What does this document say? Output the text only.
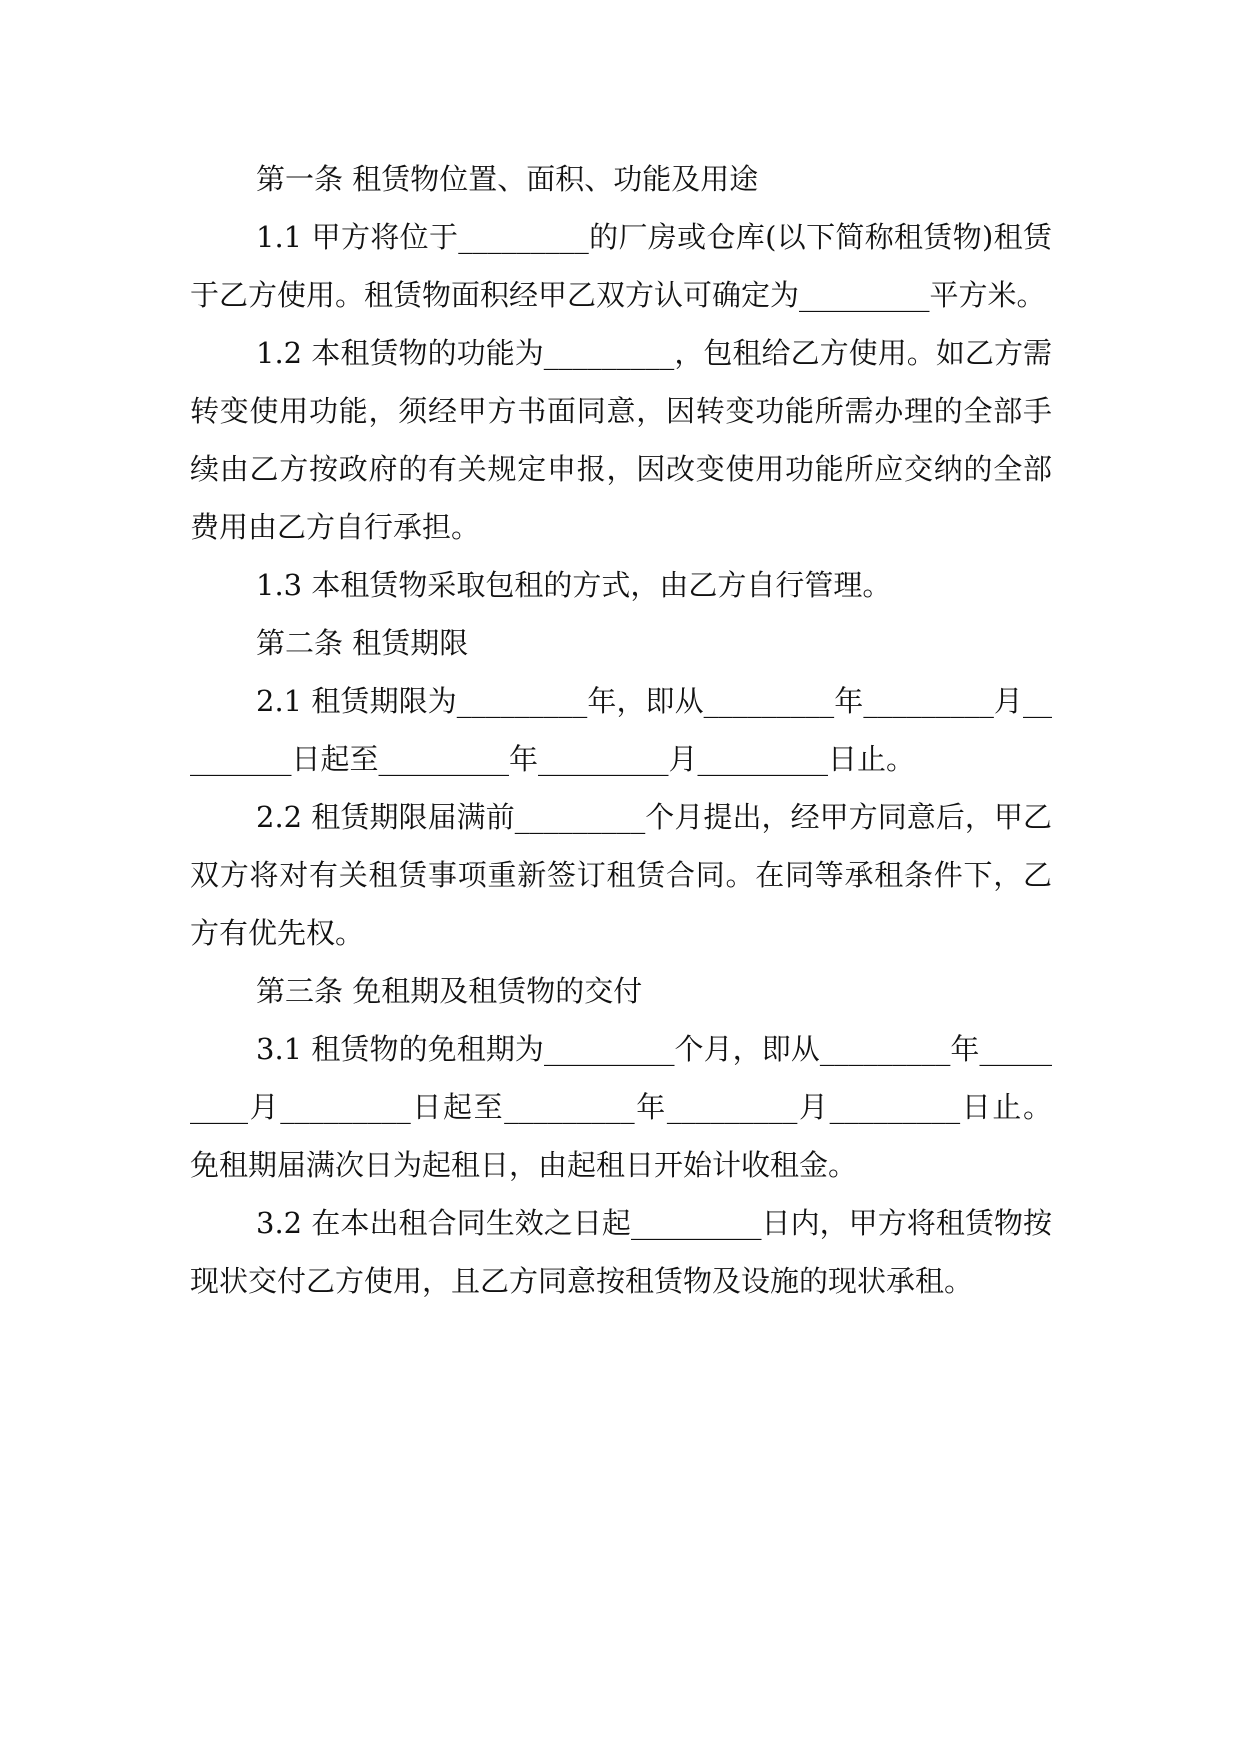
第一条 租赁物位置、面积、功能及用途

1.1 甲方将位于_________的厂房或仓库(以下简称租赁物)租赁于乙方使用。租赁物面积经甲乙双方认可确定为_________平方米。

1.2 本租赁物的功能为_________，包租给乙方使用。如乙方需转变使用功能，须经甲方书面同意，因转变功能所需办理的全部手续由乙方按政府的有关规定申报，因改变使用功能所应交纳的全部费用由乙方自行承担。

1.3 本租赁物采取包租的方式，由乙方自行管理。

第二条 租赁期限

2.1 租赁期限为_________年，即从_________年_________月_________日起至_________年_________月_________日止。

2.2 租赁期限届满前_________个月提出，经甲方同意后，甲乙双方将对有关租赁事项重新签订租赁合同。在同等承租条件下，乙方有优先权。

第三条 免租期及租赁物的交付

3.1 租赁物的免租期为_________个月，即从_________年_________月_________日起至_________年_________月_________日止。免租期届满次日为起租日，由起租日开始计收租金。

3.2 在本出租合同生效之日起_________日内，甲方将租赁物按现状交付乙方使用，且乙方同意按租赁物及设施的现状承租。
